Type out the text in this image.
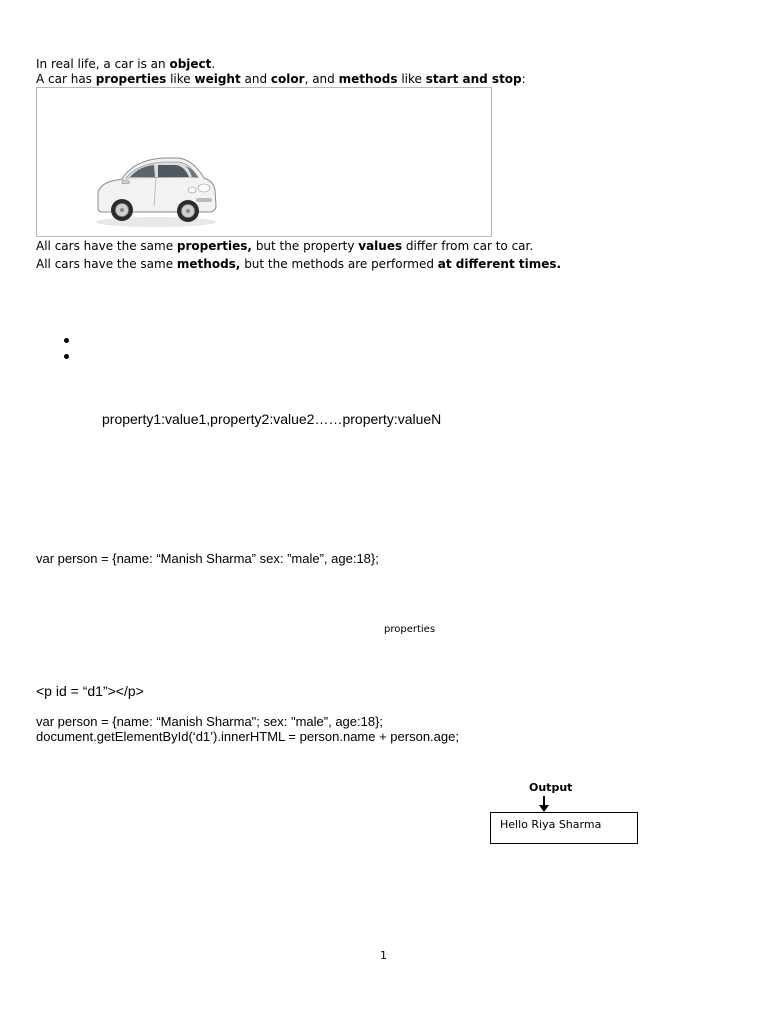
In real life, a car is an object.
A car has properties like weight and color, and methods like start and stop:
All cars have the same properties, but the property values differ from car to car.
All cars have the same methods, but the methods are performed at different times.
property1:value1,property2:value2……property:valueN
var person = {name: “Manish Sharma” sex: ”male”, age:18};
properties
<p id = “d1”></p>
var person = {name: “Manish Sharma"; sex: "male”, age:18};
document.getElementById(‘d1’).innerHTML = person.name + person.age;
Output
Hello Riya Sharma
1
